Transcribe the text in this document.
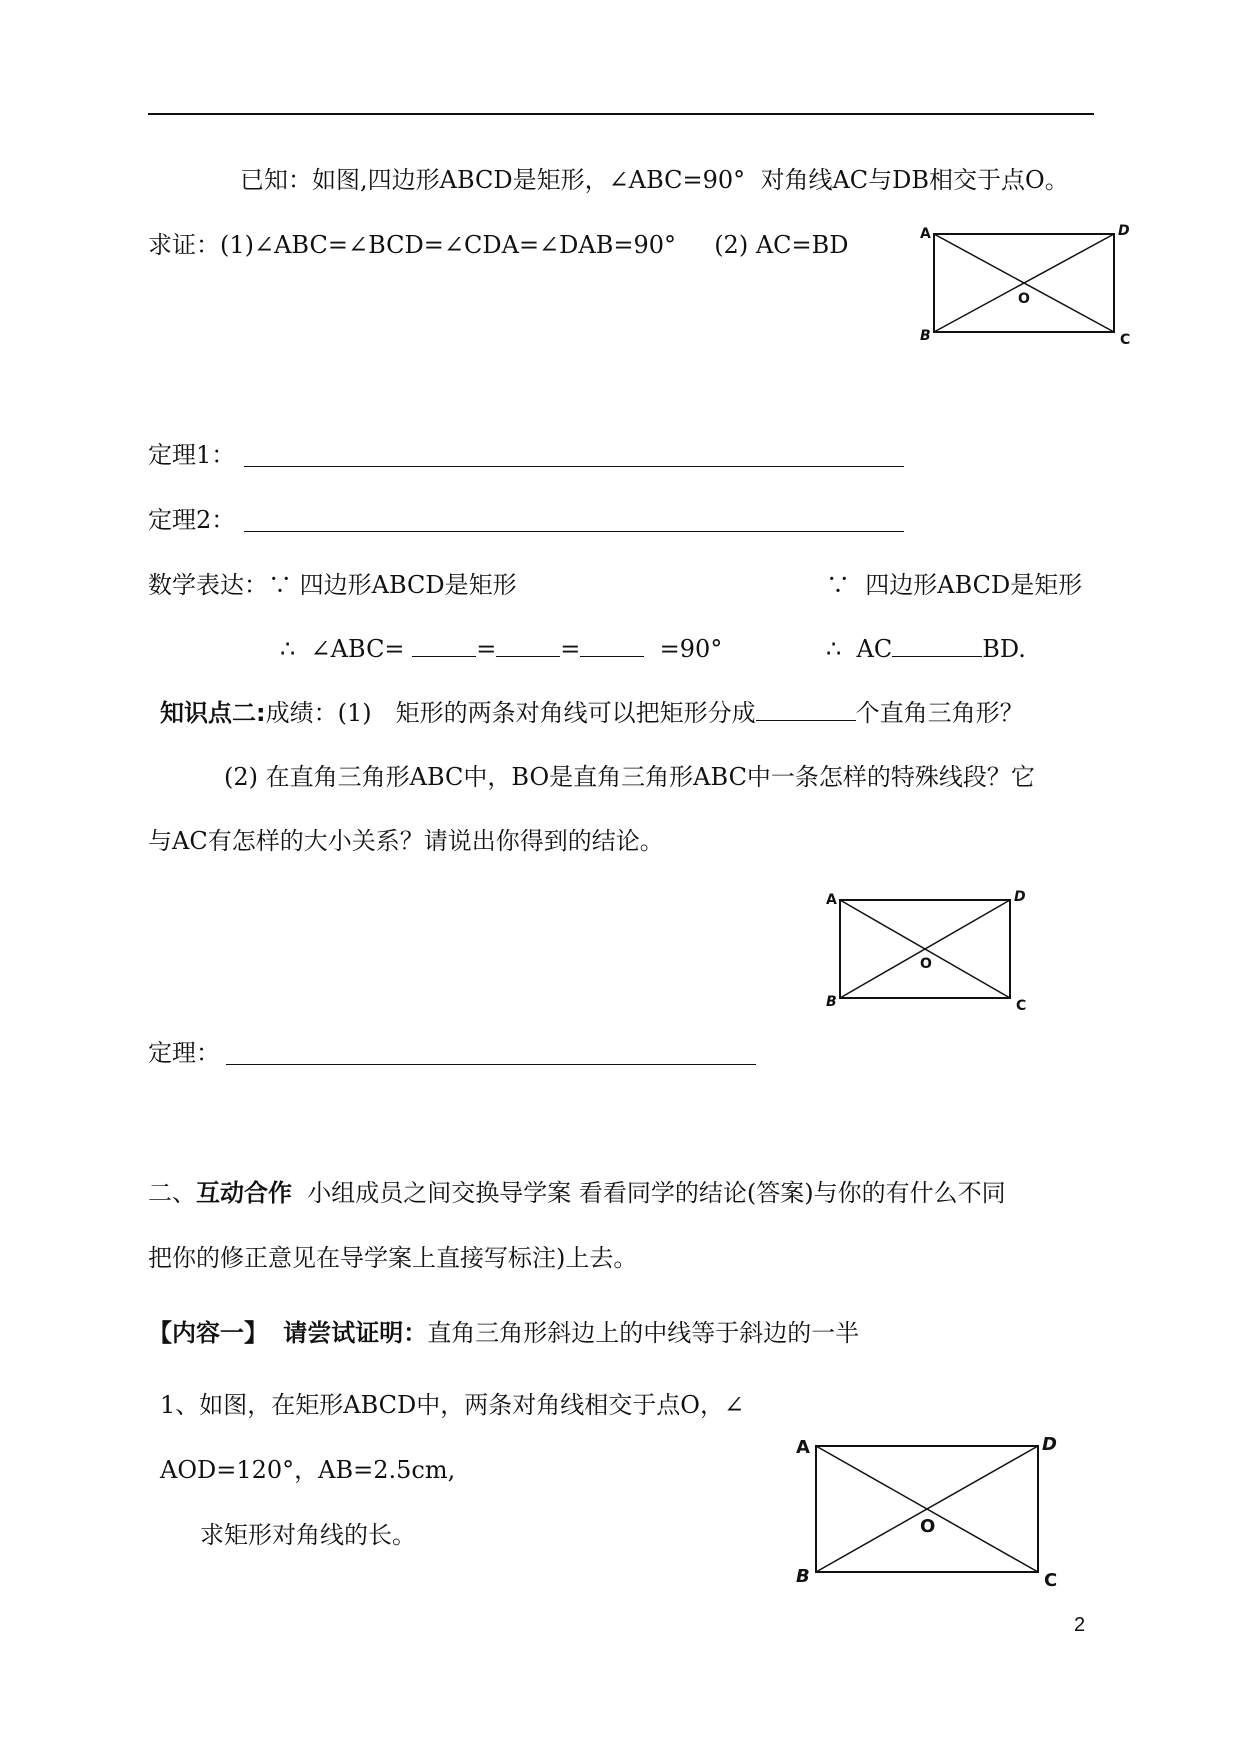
已知：如图,四边形ABCD是矩形，∠ABC=90° 对角线AC与DB相交于点O。
求证：(1)∠ABC=∠BCD=∠CDA=∠DAB=90° (2) AC=BD	A	D
B	C
O
定理1：
定理2：
数学表达：∵ 四边形ABCD是矩形	∵ 四边形ABCD是矩形
∴ ∠ABC=	=	=	=90°	∴ AC	BD.
知识点二:成绩：(1)　矩形的两条对角线可以把矩形分成	个直角三角形？
(2) 在直角三角形ABC中，BO是直角三角形ABC中一条怎样的特殊线段？它
与AC有怎样的大小关系？请说出你得到的结论。
A	D
B	C
O
定理：
二、互动合作 小组成员之间交换导学案 看看同学的结论(答案)与你的有什么不同
把你的修正意见在导学案上直接写标注)上去。
【内容一】 请尝试证明：直角三角形斜边上的中线等于斜边的一半
1、如图，在矩形ABCD中，两条对角线相交于点O，∠
AOD=120°，AB=2.5cm,
求矩形对角线的长。
A	D
B	C
O
2
